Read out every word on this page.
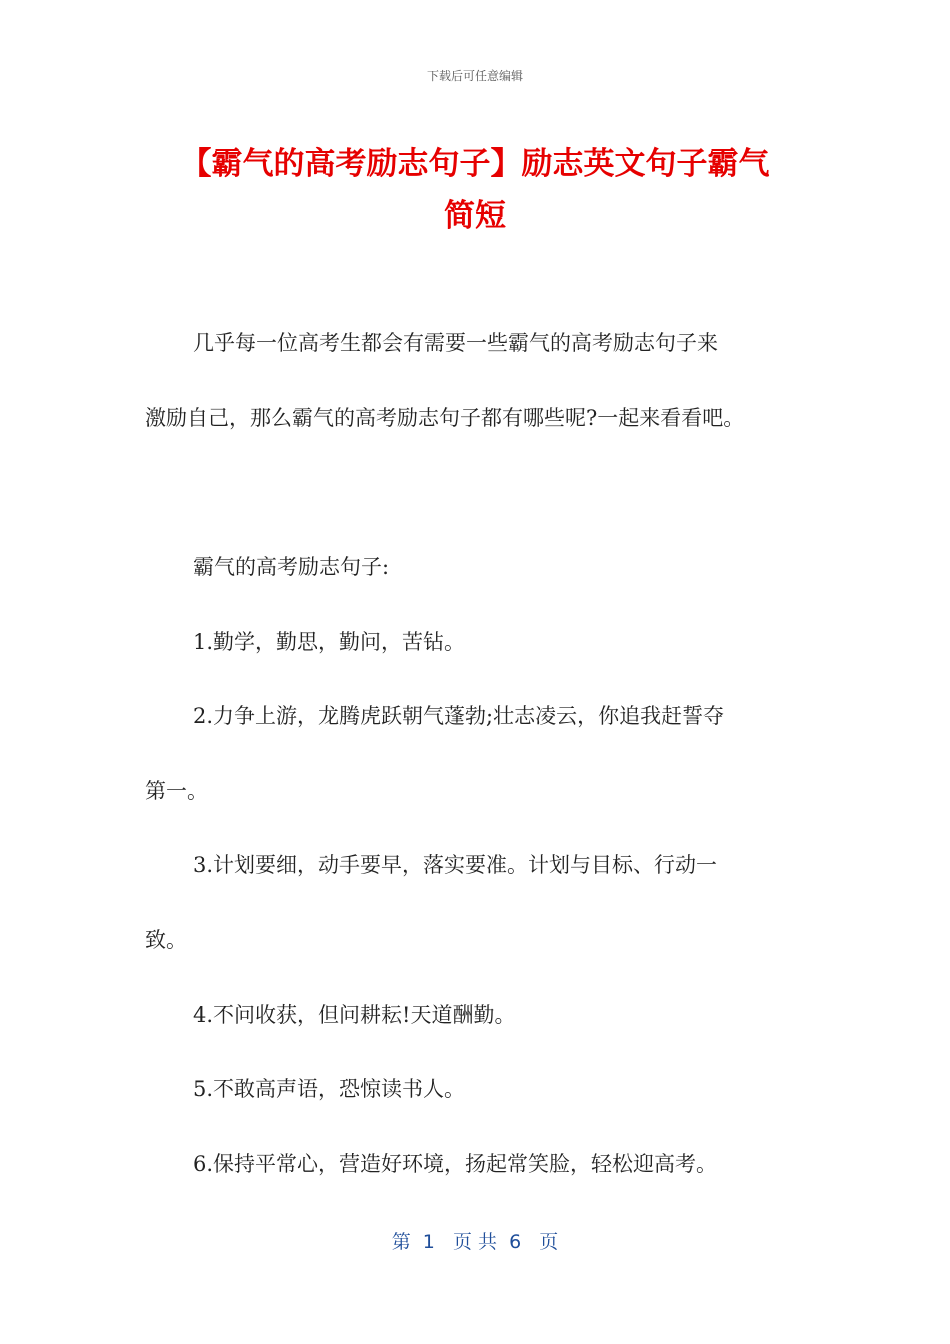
下载后可任意编辑
【霸气的高考励志句子】励志英文句子霸气
简短
几乎每一位高考生都会有需要一些霸气的高考励志句子来
激励自己，那么霸气的高考励志句子都有哪些呢?一起来看看吧。
霸气的高考励志句子:
1.勤学，勤思，勤问，苦钻。
2.力争上游，龙腾虎跃朝气蓬勃;壮志凌云，你追我赶誓夺
第一。
3.计划要细，动手要早，落实要准。计划与目标、行动一
致。
4.不问收获，但问耕耘!天道酬勤。
5.不敢高声语，恐惊读书人。
6.保持平常心，营造好环境，扬起常笑脸，轻松迎高考。
第  1   页 共  6   页
